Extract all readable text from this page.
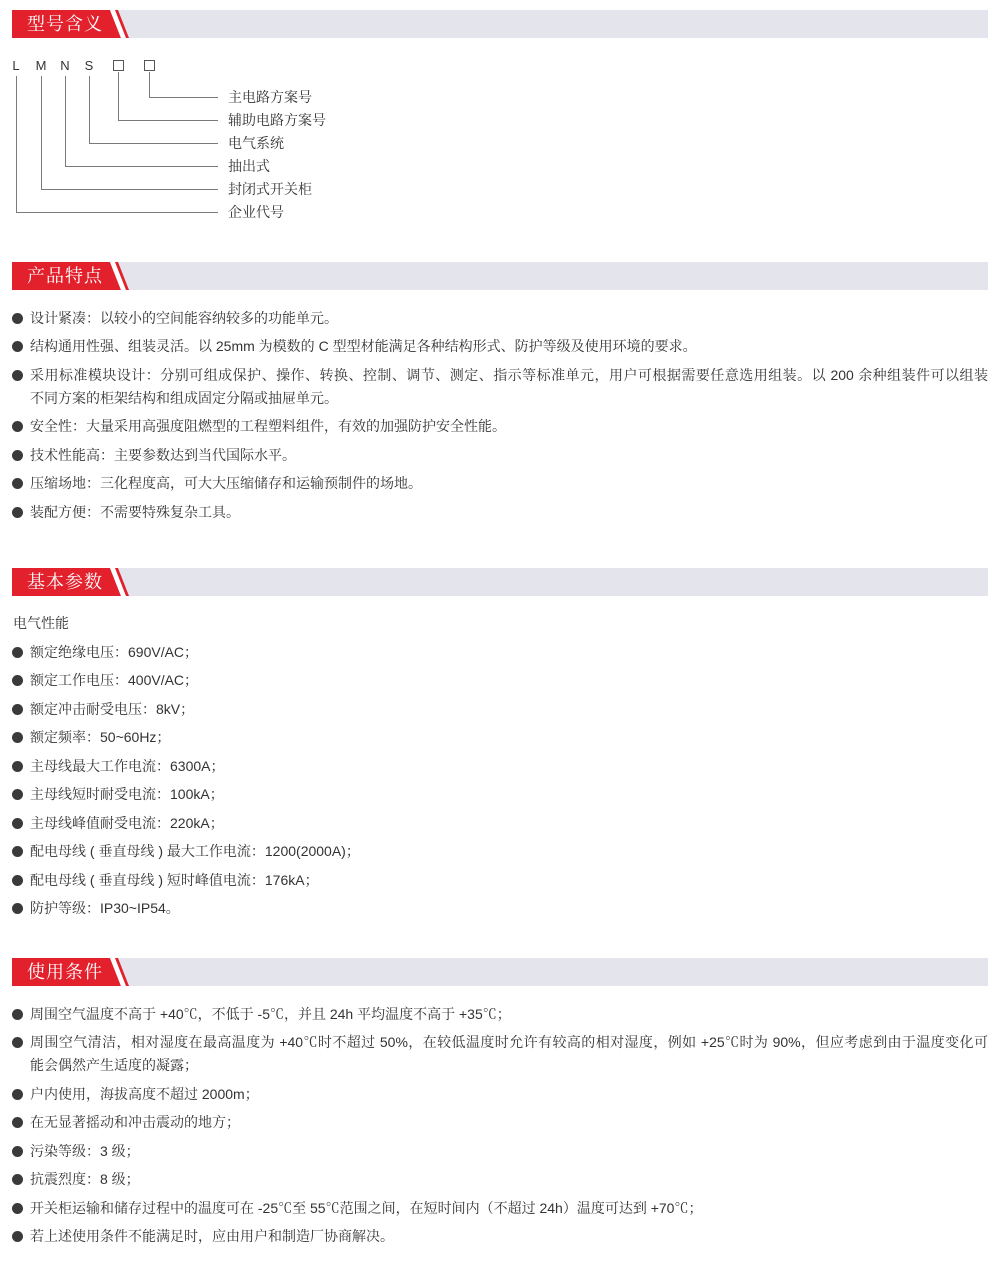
型号含义
L	M N S
主电路方案号
辅助电路方案号
电气系统
抽出式
封闭式开关柜
企业代号
产品特点
设计紧凑：以较小的空间能容纳较多的功能单元。
结构通用性强、组装灵活。以 25mm 为模数的 C 型型材能满足各种结构形式、防护等级及使用环境的要求。
采用标准模块设计：分别可组成保护、操作、转换、控制、调节、测定、指示等标准单元，用户可根据需要任意选用组装。以 200 余种组装件可以组装
不同方案的柜架结构和组成固定分隔或抽屉单元。
安全性：大量采用高强度阻燃型的工程塑料组件，有效的加强防护安全性能。
技术性能高：主要参数达到当代国际水平。
压缩场地：三化程度高，可大大压缩储存和运输预制件的场地。
装配方便：不需要特殊复杂工具。
基本参数
电气性能
额定绝缘电压：690V/AC；
额定工作电压：400V/AC；
额定冲击耐受电压：8kV；
额定频率：50~60Hz；
主母线最大工作电流：6300A；
主母线短时耐受电流：100kA；
主母线峰值耐受电流：220kA；
配电母线 ( 垂直母线 ) 最大工作电流：1200(2000A)；
配电母线 ( 垂直母线 ) 短时峰值电流：176kA；
防护等级：IP30~IP54。
使用条件
周围空气温度不高于 +40℃，不低于 -5℃，并且 24h 平均温度不高于 +35℃；
周围空气清洁，相对湿度在最高温度为 +40℃时不超过 50%，在较低温度时允许有较高的相对湿度，例如 +25℃时为 90%，但应考虑到由于温度变化可
能会偶然产生适度的凝露；
户内使用，海拔高度不超过 2000m；
在无显著摇动和冲击震动的地方；
污染等级：3 级；
抗震烈度：8 级；
开关柜运输和储存过程中的温度可在 -25℃至 55℃范围之间，在短时间内（不超过 24h）温度可达到 +70℃；
若上述使用条件不能满足时，应由用户和制造厂协商解决。
